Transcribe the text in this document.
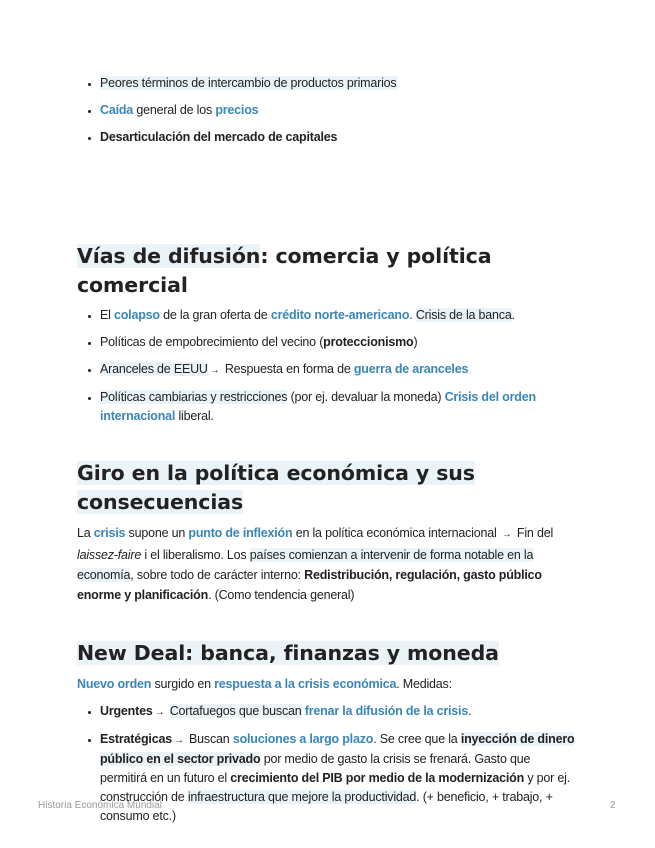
• Peores términos de intercambio de productos primarios
• Caída general de los precios
• Desarticulación del mercado de capitales
Vías de difusión: comercia y política comercial
• El colapso de la gran oferta de crédito norte-americano. Crisis de la banca.
• Políticas de empobrecimiento del vecino (proteccionismo)
• Aranceles de EEUU → Respuesta en forma de guerra de aranceles
• Políticas cambiarias y restricciones (por ej. devaluar la moneda) Crisis del orden internacional liberal.
Giro en la política económica y sus consecuencias

La crisis supone un punto de inflexión en la política económica internacional → Fin del laissez-faire i el liberalismo. Los países comienzan a intervenir de forma notable en la economía, sobre todo de carácter interno: Redistribución, regulación, gasto público enorme y planificación. (Como tendencia general)

New Deal: banca, finanzas y moneda

Nuevo orden surgido en respuesta a la crisis económica. Medidas:

• Urgentes → Cortafuegos que buscan frenar la difusión de la crisis.
• Estratégicas → Buscan soluciones a largo plazo. Se cree que la inyección de dinero público en el sector privado por medio de gasto la crisis se frenará. Gasto que permitirá en un futuro el crecimiento del PIB por medio de la modernización y por ej. construcción de infraestructura que mejore la productividad. (+ beneficio, + trabajo, + consumo etc.)
Historia Económica Mundial	2
